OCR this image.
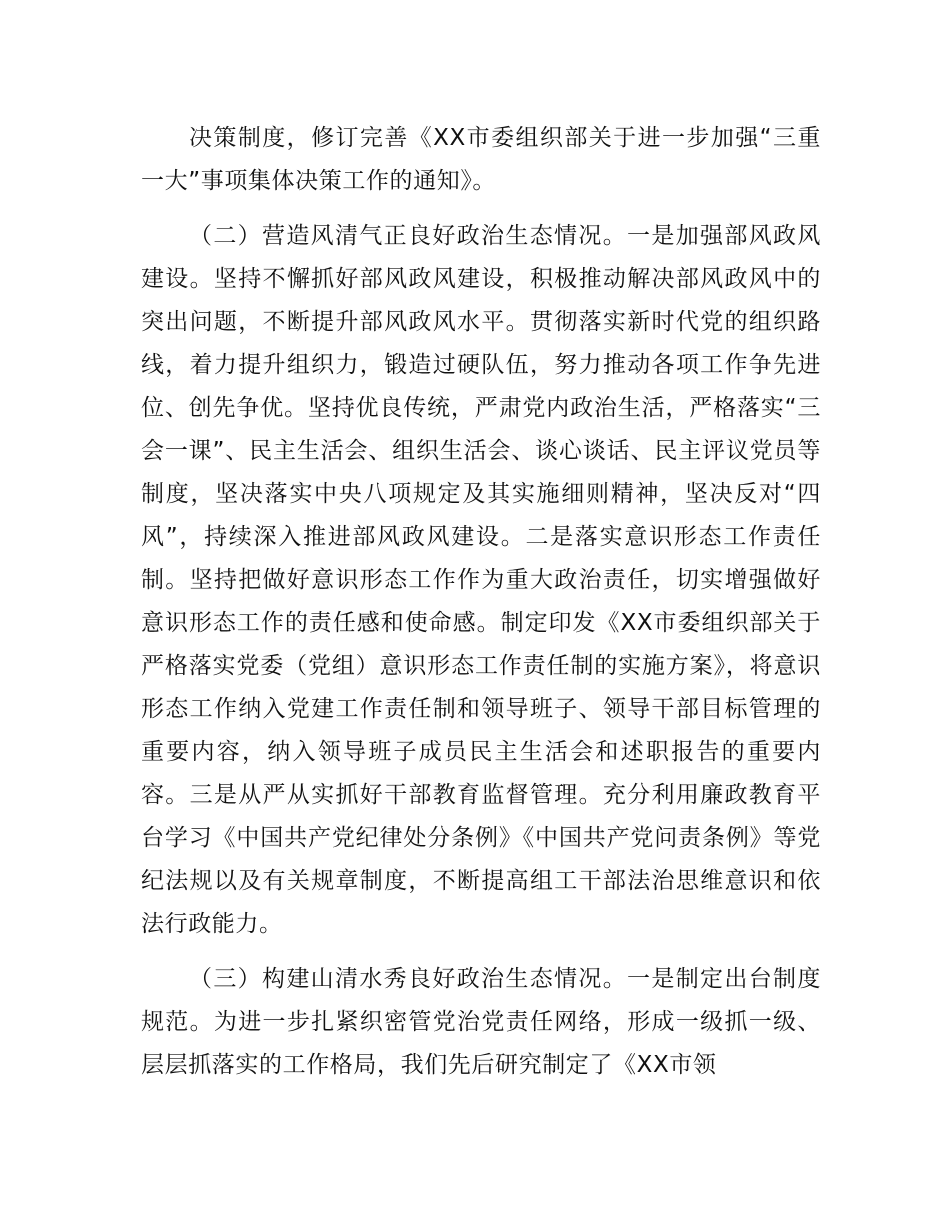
决策制度，修订完善《XX市委组织部关于进一步加强“三重一大”事项集体决策工作的通知》。

（二）营造风清气正良好政治生态情况。一是加强部风政风建设。坚持不懈抓好部风政风建设，积极推动解决部风政风中的突出问题，不断提升部风政风水平。贯彻落实新时代党的组织路线，着力提升组织力，锻造过硬队伍，努力推动各项工作争先进位、创先争优。坚持优良传统，严肃党内政治生活，严格落实“三会一课”、民主生活会、组织生活会、谈心谈话、民主评议党员等制度，坚决落实中央八项规定及其实施细则精神，坚决反对“四风”，持续深入推进部风政风建设。二是落实意识形态工作责任制。坚持把做好意识形态工作作为重大政治责任，切实增强做好意识形态工作的责任感和使命感。制定印发《XX市委组织部关于严格落实党委（党组）意识形态工作责任制的实施方案》，将意识形态工作纳入党建工作责任制和领导班子、领导干部目标管理的重要内容，纳入领导班子成员民主生活会和述职报告的重要内容。三是从严从实抓好干部教育监督管理。充分利用廉政教育平台学习《中国共产党纪律处分条例》《中国共产党问责条例》等党纪法规以及有关规章制度，不断提高组工干部法治思维意识和依法行政能力。

（三）构建山清水秀良好政治生态情况。一是制定出台制度规范。为进一步扎紧织密管党治党责任网络，形成一级抓一级、层层抓落实的工作格局，我们先后研究制定了《XX市领
